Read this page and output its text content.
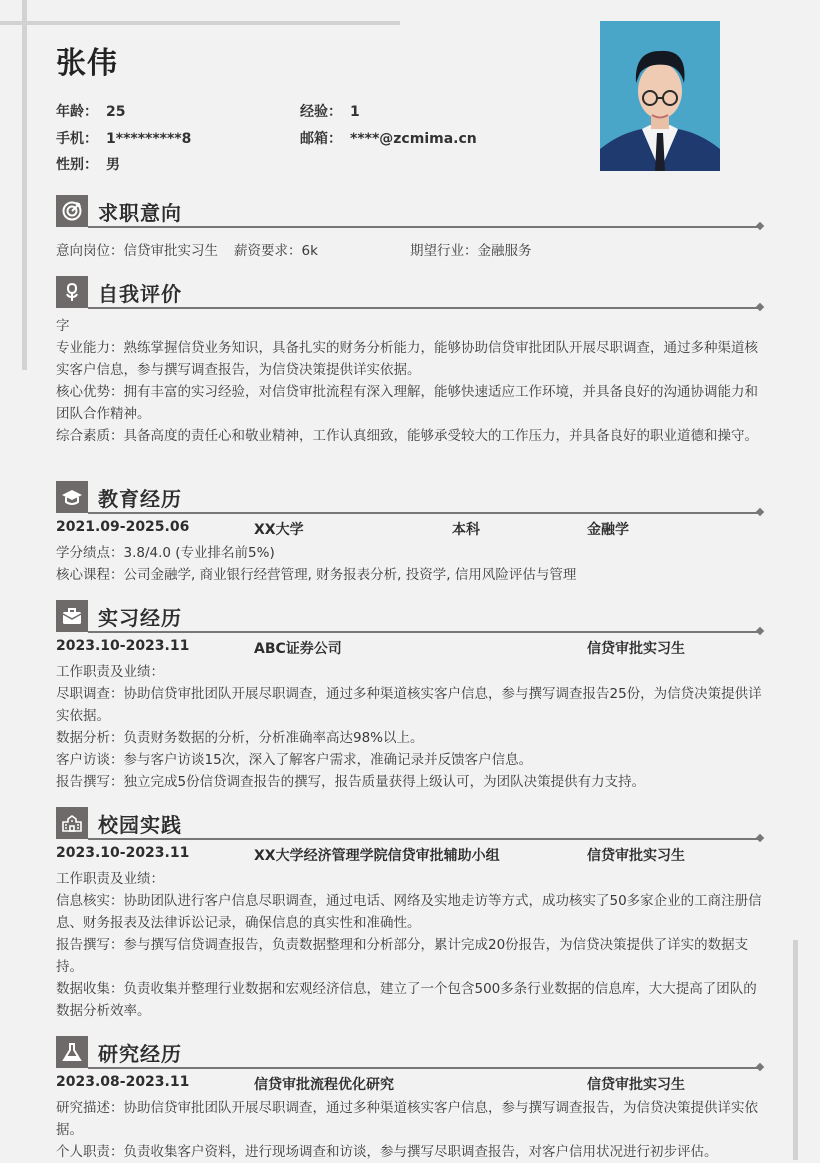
张伟
年龄： 25	经验： 1
手机： 1*********8	邮箱： ****@zcmima.cn
性别： 男
求职意向
意向岗位：信贷审批实习生 薪资要求：6k	期望行业：金融服务
自我评价

字

专业能力：熟练掌握信贷业务知识，具备扎实的财务分析能力，能够协助信贷审批团队开展尽职调查，通过多种渠道核实客户信息，参与撰写调查报告，为信贷决策提供详实依据。

核心优势：拥有丰富的实习经验，对信贷审批流程有深入理解，能够快速适应工作环境，并具备良好的沟通协调能力和团队合作精神。

综合素质：具备高度的责任心和敬业精神，工作认真细致，能够承受较大的工作压力，并具备良好的职业道德和操守。

教育经历
2021.09-2025.06	XX大学	本科	金融学

学分绩点：3.8/4.0 (专业排名前5%)

核心课程：公司金融学, 商业银行经营管理, 财务报表分析, 投资学, 信用风险评估与管理

实习经历
2023.10-2023.11	ABC证券公司	信贷审批实习生

工作职责及业绩：

尽职调查：协助信贷审批团队开展尽职调查，通过多种渠道核实客户信息，参与撰写调查报告25份，为信贷决策提供详实依据。

数据分析：负责财务数据的分析，分析准确率高达98%以上。

客户访谈：参与客户访谈15次，深入了解客户需求，准确记录并反馈客户信息。

报告撰写：独立完成5份信贷调查报告的撰写，报告质量获得上级认可，为团队决策提供有力支持。

校园实践
2023.10-2023.11	XX大学经济管理学院信贷审批辅助小组	信贷审批实习生

工作职责及业绩：

信息核实：协助团队进行客户信息尽职调查，通过电话、网络及实地走访等方式，成功核实了50多家企业的工商注册信息、财务报表及法律诉讼记录，确保信息的真实性和准确性。

报告撰写：参与撰写信贷调查报告，负责数据整理和分析部分，累计完成20份报告，为信贷决策提供了详实的数据支持。

数据收集：负责收集并整理行业数据和宏观经济信息，建立了一个包含500多条行业数据的信息库，大大提高了团队的数据分析效率。

研究经历
2023.08-2023.11	信贷审批流程优化研究	信贷审批实习生

研究描述：协助信贷审批团队开展尽职调查，通过多种渠道核实客户信息，参与撰写调查报告，为信贷决策提供详实依据。

个人职责：负责收集客户资料，进行现场调查和访谈，参与撰写尽职调查报告，对客户信用状况进行初步评估。
